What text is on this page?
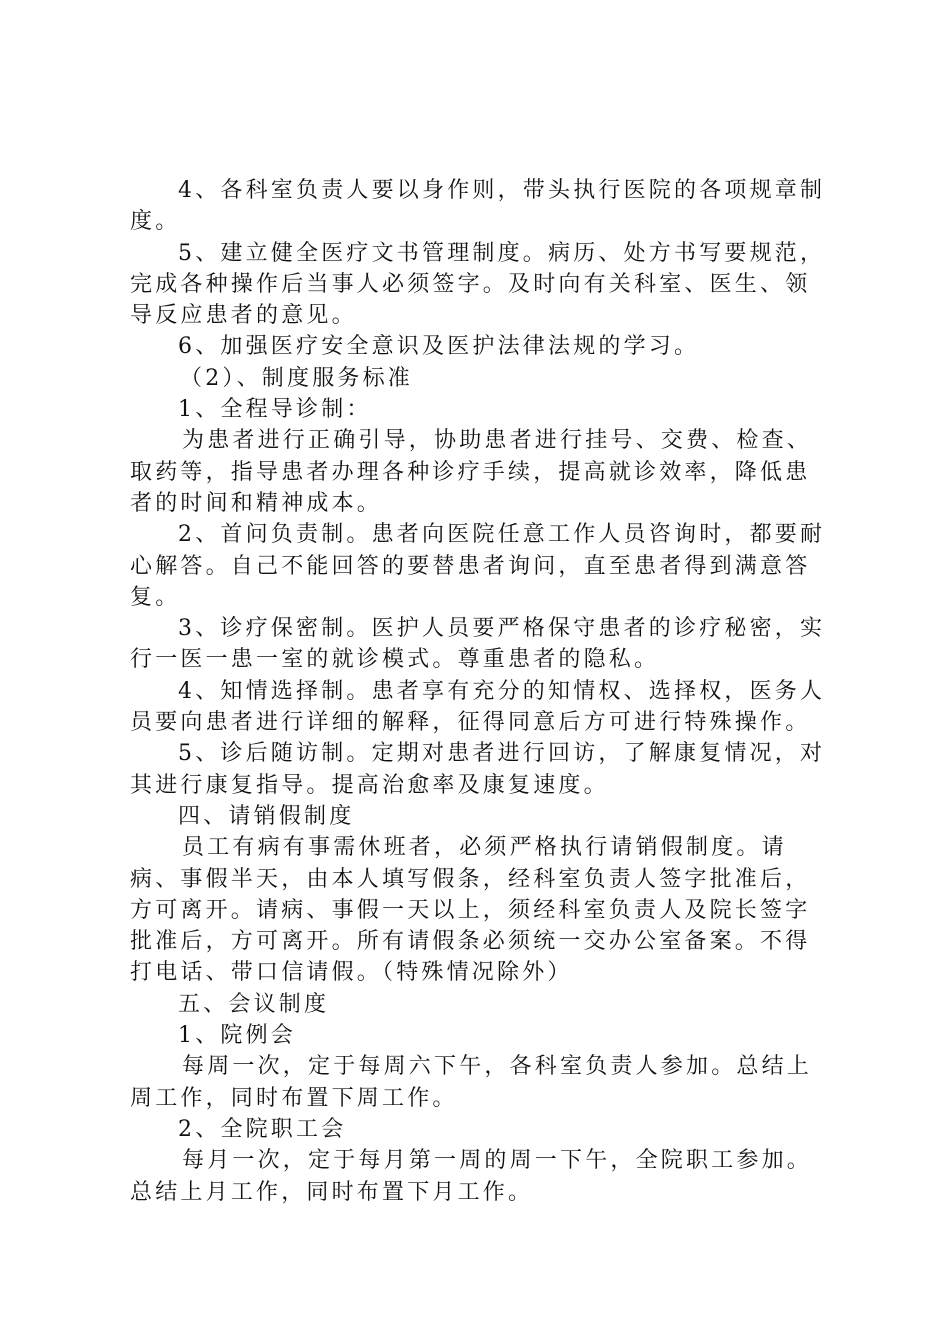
4、各科室负责人要以身作则，带头执行医院的各项规章制度。

5、建立健全医疗文书管理制度。病历、处方书写要规范，完成各种操作后当事人必须签字。及时向有关科室、医生、领导反应患者的意见。

6、加强医疗安全意识及医护法律法规的学习。

（2）、制度服务标准

1、全程导诊制：

为患者进行正确引导，协助患者进行挂号、交费、检查、取药等，指导患者办理各种诊疗手续，提高就诊效率，降低患者的时间和精神成本。

2、首问负责制。患者向医院任意工作人员咨询时，都要耐心解答。自己不能回答的要替患者询问，直至患者得到满意答复。

3、诊疗保密制。医护人员要严格保守患者的诊疗秘密，实行一医一患一室的就诊模式。尊重患者的隐私。

4、知情选择制。患者享有充分的知情权、选择权，医务人员要向患者进行详细的解释，征得同意后方可进行特殊操作。

5、诊后随访制。定期对患者进行回访，了解康复情况，对其进行康复指导。提高治愈率及康复速度。

四、请销假制度

员工有病有事需休班者，必须严格执行请销假制度。请病、事假半天，由本人填写假条，经科室负责人签字批准后，方可离开。请病、事假一天以上，须经科室负责人及院长签字批准后，方可离开。所有请假条必须统一交办公室备案。不得打电话、带口信请假。（特殊情况除外）

五、会议制度

1、院例会

每周一次，定于每周六下午，各科室负责人参加。总结上周工作，同时布置下周工作。

2、全院职工会

每月一次，定于每月第一周的周一下午，全院职工参加。总结上月工作，同时布置下月工作。
